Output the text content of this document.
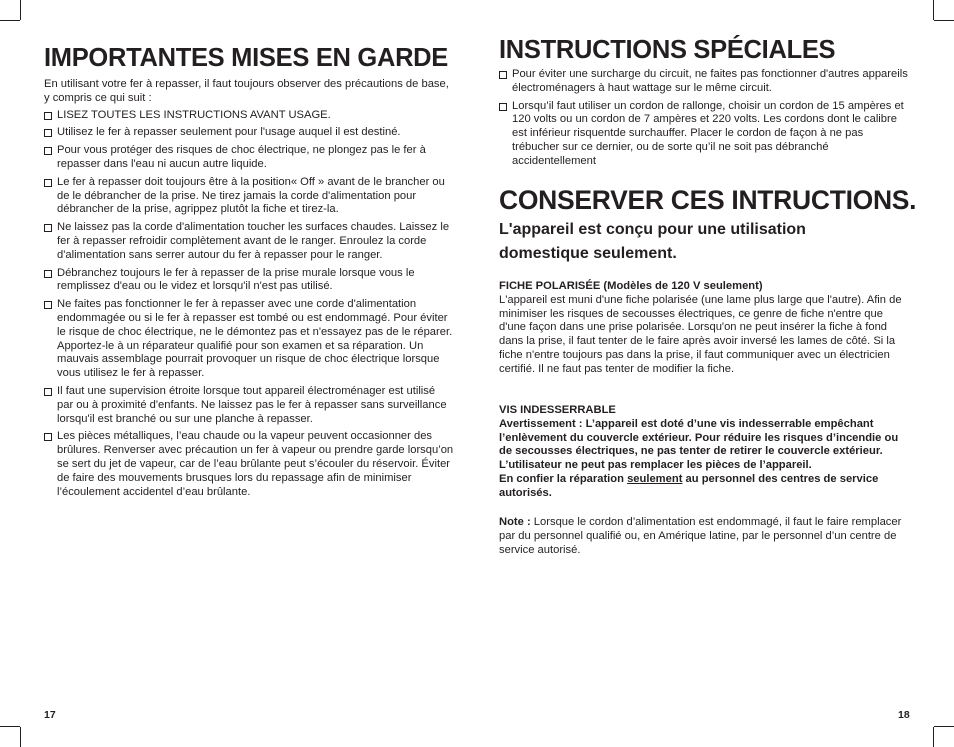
IMPORTANTES MISES EN GARDE

En utilisant votre fer à repasser, il faut toujours observer des précautions de base, y compris ce qui suit :

LISEZ TOUTES LES INSTRUCTIONS AVANT USAGE.
Utilisez le fer à repasser seulement pour l'usage auquel il est destiné.
Pour vous protéger des risques de choc électrique, ne plongez pas le fer à repasser dans l'eau ni aucun autre liquide.
Le fer à repasser doit toujours être à la position« Off » avant de le brancher ou de le débrancher de la prise. Ne tirez jamais la corde d'alimentation pour débrancher de la prise, agrippez plutôt la fiche et tirez-la.
Ne laissez pas la corde d'alimentation toucher les surfaces chaudes. Laissez le fer à repasser refroidir complètement avant de le ranger. Enroulez la corde d'alimentation sans serrer autour du fer à repasser pour le ranger.
Débranchez toujours le fer à repasser de la prise murale lorsque vous le remplissez d'eau ou le videz et lorsqu'il n'est pas utilisé.
Ne faites pas fonctionner le fer à repasser avec une corde d'alimentation endommagée ou si le fer à repasser est tombé ou est endommagé. Pour éviter le risque de choc électrique, ne le démontez pas et n'essayez pas de le réparer. Apportez-le à un réparateur qualifié pour son examen et sa réparation. Un mauvais assemblage pourrait provoquer un risque de choc électrique lorsque vous utilisez le fer à repasser.
Il faut une supervision étroite lorsque tout appareil électroménager est utilisé par ou à proximité d'enfants. Ne laissez pas le fer à repasser sans surveillance lorsqu'il est branché ou sur une planche à repasser.
Les pièces métalliques, l’eau chaude ou la vapeur peuvent occasionner des brûlures. Renverser avec précaution un fer à vapeur ou prendre garde lorsqu’on se sert du jet de vapeur, car de l’eau brûlante peut s’écouler du réservoir. Éviter de faire des mouvements brusques lors du repassage afin de minimiser l’écoulement accidentel d’eau brûlante.
17
INSTRUCTIONS SPÉCIALES
Pour éviter une surcharge du circuit, ne faites pas fonctionner d'autres appareils électroménagers à haut wattage sur le même circuit.
Lorsqu’il faut utiliser un cordon de rallonge, choisir un cordon de 15 ampères et 120 volts ou un cordon de 7 ampères et 220 volts. Les cordons dont le calibre est inférieur risquentde surchauffer. Placer le cordon de façon à ne pas trébucher sur ce dernier, ou de sorte qu’il ne soit pas débranché accidentellement
CONSERVER CES INTRUCTIONS.
L'appareil est conçu pour une utilisation domestique seulement.

FICHE POLARISÉE (Modèles de 120 V seulement)

L'appareil est muni d'une fiche polarisée (une lame plus large que l'autre). Afin de minimiser les risques de secousses électriques, ce genre de fiche n'entre que d'une façon dans une prise polarisée. Lorsqu'on ne peut insérer la fiche à fond dans la prise, il faut tenter de le faire après avoir inversé les lames de côté. Si la fiche n'entre toujours pas dans la prise, il faut communiquer avec un électricien certifié. Il ne faut pas tenter de modifier la fiche.

VIS INDESSERRABLE

Avertissement : L’appareil est doté d’une vis indesserrable empêchant l’enlèvement du couvercle extérieur. Pour réduire les risques d’incendie ou de secousses électriques, ne pas tenter de retirer le couvercle extérieur. L’utilisateur ne peut pas remplacer les pièces de l’appareil.

En confier la réparation seulement au personnel des centres de service autorisés.

Note : Lorsque le cordon d’alimentation est endommagé, il faut le faire remplacer par du personnel qualifié ou, en Amérique latine, par le personnel d’un centre de service autorisé.

18
